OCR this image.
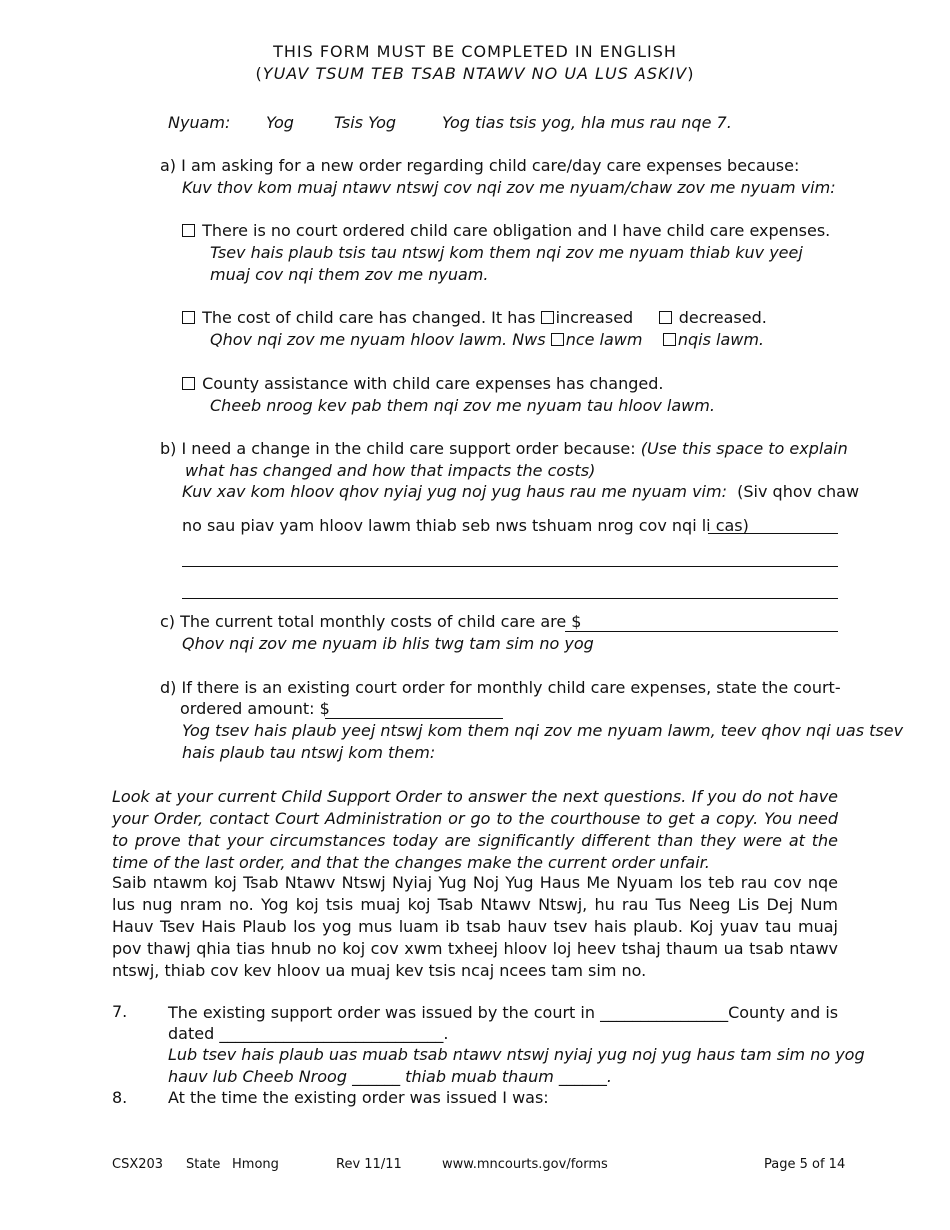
THIS FORM MUST BE COMPLETED IN ENGLISH
(YUAV TSUM TEB TSAB NTAWV NO UA LUS ASKIV)
Nyuam: Yog	Tsis Yog	Yog tias tsis yog, hla mus rau nqe 7.
a) I am asking for a new order regarding child care/day care expenses because:
Kuv thov kom muaj ntawv ntswj cov nqi zov me nyuam/chaw zov me nyuam vim:
There is no court ordered child care obligation and I have child care expenses.
Tsev hais plaub tsis tau ntswj kom them nqi zov me nyuam thiab kuv yeej muaj cov nqi them zov me nyuam.
The cost of child care has changed. It has increased	decreased.
Qhov nqi zov me nyuam hloov lawm. Nws nce lawm nqis lawm.
County assistance with child care expenses has changed.
Cheeb nroog kev pab them nqi zov me nyuam tau hloov lawm.
b) I need a change in the child care support order because: (Use this space to explain
what has changed and how that impacts the costs)
Kuv xav kom hloov qhov nyiaj yug noj yug haus rau me nyuam vim: (Siv qhov chaw
no sau piav yam hloov lawm thiab seb nws tshuam nrog cov nqi li cas)
c) The current total monthly costs of child care are $
Qhov nqi zov me nyuam ib hlis twg tam sim no yog
d) If there is an existing court order for monthly child care expenses, state the court-
ordered amount: $
Yog tsev hais plaub yeej ntswj kom them nqi zov me nyuam lawm, teev qhov nqi uas tsev
hais plaub tau ntswj kom them:
Look at your current Child Support Order to answer the next questions. If you do not have your Order, contact Court Administration or go to the courthouse to get a copy. You need to prove that your circumstances today are significantly different than they were at the time of the last order, and that the changes make the current order unfair.
Saib ntawm koj Tsab Ntawv Ntswj Nyiaj Yug Noj Yug Haus Me Nyuam los teb rau cov nqe lus nug nram no. Yog koj tsis muaj koj Tsab Ntawv Ntswj, hu rau Tus Neeg Lis Dej Num Hauv Tsev Hais Plaub los yog mus luam ib tsab hauv tsev hais plaub. Koj yuav tau muaj pov thawj qhia tias hnub no koj cov xwm txheej hloov loj heev tshaj thaum ua tsab ntawv ntswj, thiab cov kev hloov ua muaj kev tsis ncaj ncees tam sim no.
7.	The existing support order was issued by the court in ________________County and is
dated ____________________________.
Lub tsev hais plaub uas muab tsab ntawv ntswj nyiaj yug noj yug haus tam sim no yog
hauv lub Cheeb Nroog ______ thiab muab thaum ______.
8.	At the time the existing order was issued I was:
CSX203 State Hmong	Rev 11/11	www.mncourts.gov/forms	Page 5 of 14
